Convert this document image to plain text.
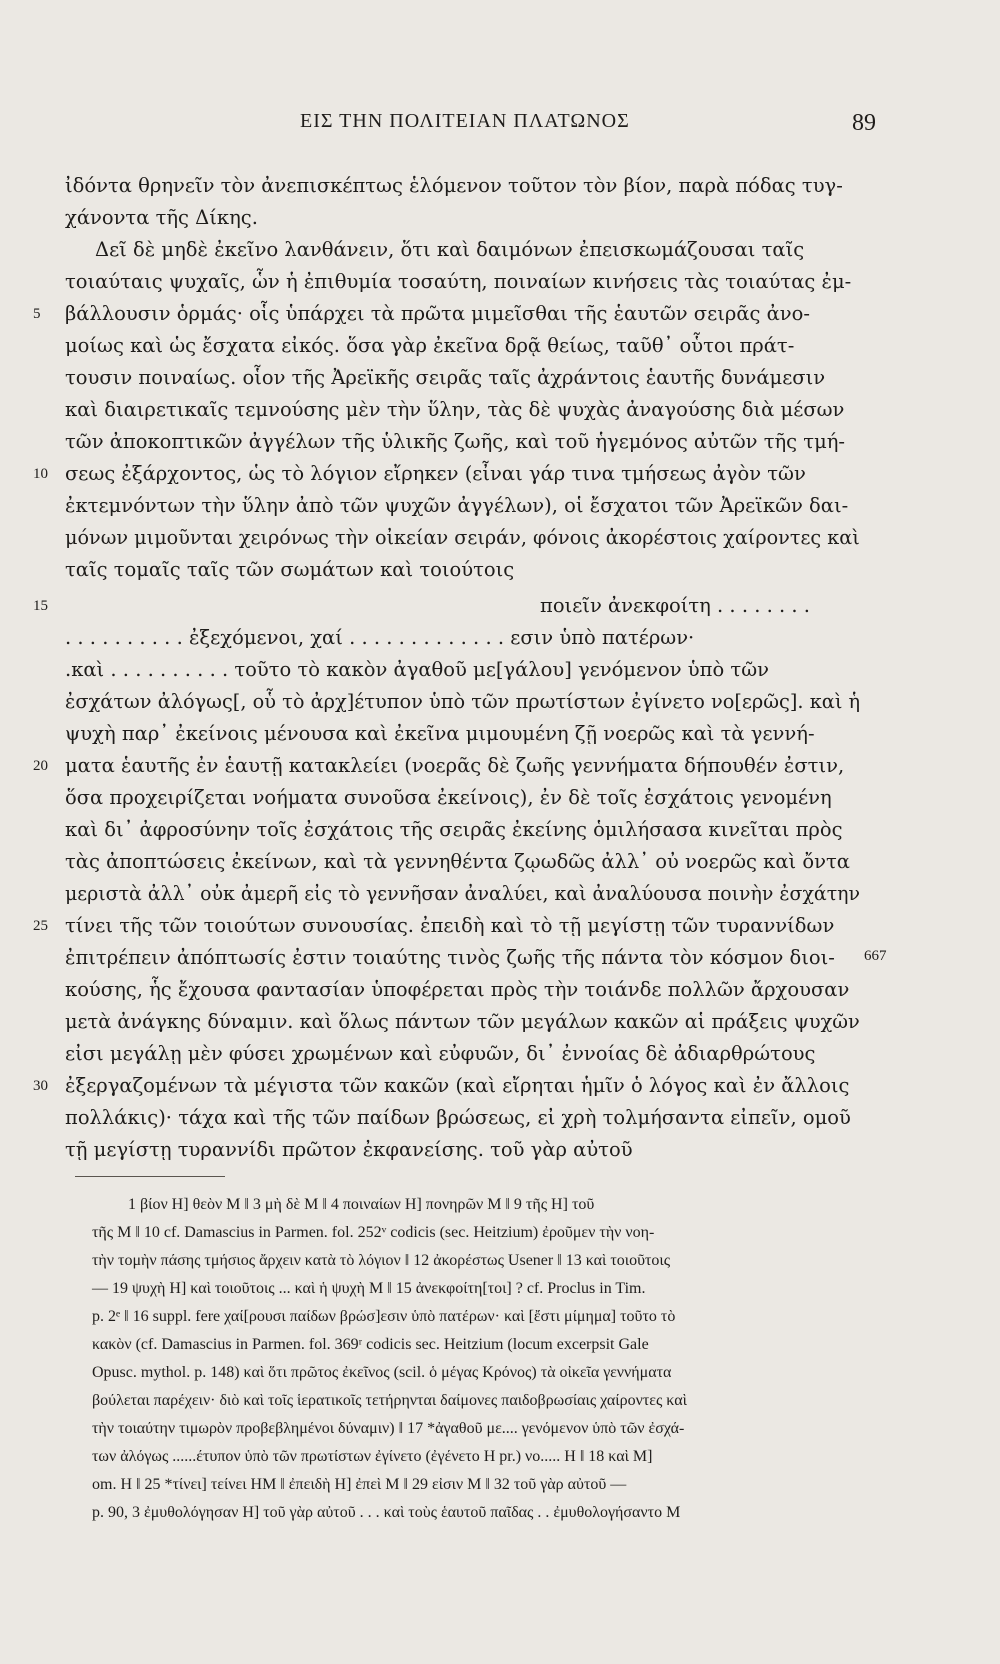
ΕΙΣ ΤΗΝ ΠΟΛΙΤΕΙΑΝ ΠΛΑΤΩΝΟΣ	89
ἰδόντα θρηνεῖν τὸν ἀνεπισκέπτως ἑλόμενον τοῦτον τὸν βίον, παρὰ πόδας τυγ-
χάνοντα τῆς Δίκης.
Δεῖ δὲ μηδὲ ἐκεῖνο λανθάνειν, ὅτι καὶ δαιμόνων ἐπεισκωμάζουσαι ταῖς
τοιαύταις ψυχαῖς, ὧν ἡ ἐπιθυμία τοσαύτη, ποιναίων κινήσεις τὰς τοιαύτας ἐμ-
βάλλουσιν ὁρμάς· οἷς ὑπάρχει τὰ πρῶτα μιμεῖσθαι τῆς ἑαυτῶν σειρᾶς ἀνο-
μοίως καὶ ὡς ἔσχατα εἰκός. ὅσα γὰρ ἐκεῖνα δρᾷ θείως, ταῦθ᾽ οὗτοι πράτ-
τουσιν ποιναίως. οἷον τῆς Ἀρεϊκῆς σειρᾶς ταῖς ἀχράντοις ἑαυτῆς δυνάμεσιν
καὶ διαιρετικαῖς τεμνούσης μὲν τὴν ὕλην, τὰς δὲ ψυχὰς ἀναγούσης διὰ μέσων
τῶν ἀποκοπτικῶν ἀγγέλων τῆς ὑλικῆς ζωῆς, καὶ τοῦ ἡγεμόνος αὐτῶν τῆς τμή-
σεως ἐξάρχοντος, ὡς τὸ λόγιον εἴρηκεν (εἶναι γάρ τινα τμήσεως ἀγὸν τῶν
ἐκτεμνόντων τὴν ὕλην ἀπὸ τῶν ψυχῶν ἀγγέλων), οἱ ἔσχατοι τῶν Ἀρεϊκῶν δαι-
μόνων μιμοῦνται χειρόνως τὴν οἰκείαν σειράν, φόνοις ἀκορέστοις χαίροντες καὶ
ταῖς τομαῖς ταῖς τῶν σωμάτων καὶ τοιούτοις
ποιεῖν ἀνεκφοίτη . . . . . . . .
. . . . . . . . . . ἐξεχόμενοι, χαί . . . . . . . . . . . . . εσιν ὑπὸ πατέρων·
.καὶ . . . . . . . . . . τοῦτο τὸ κακὸν ἀγαθοῦ με[γάλου] γενόμενον ὑπὸ τῶν
ἐσχάτων ἀλόγως[, οὗ τὸ ἀρχ]έτυπον ὑπὸ τῶν πρωτίστων ἐγίνετο νο[ερῶς]. καὶ ἡ
ψυχὴ παρ᾽ ἐκείνοις μένουσα καὶ ἐκεῖνα μιμουμένη ζῇ νοερῶς καὶ τὰ γεννή-
ματα ἑαυτῆς ἐν ἑαυτῇ κατακλείει (νοερᾶς δὲ ζωῆς γεννήματα δήπουθέν ἐστιν,
ὅσα προχειρίζεται νοήματα συνοῦσα ἐκείνοις), ἐν δὲ τοῖς ἐσχάτοις γενομένη
καὶ δι᾽ ἀφροσύνην τοῖς ἐσχάτοις τῆς σειρᾶς ἐκείνης ὁμιλήσασα κινεῖται πρὸς
τὰς ἀποπτώσεις ἐκείνων, καὶ τὰ γεννηθέντα ζῳωδῶς ἀλλ᾽ οὐ νοερῶς καὶ ὄντα
μεριστὰ ἀλλ᾽ οὐκ ἀμερῆ εἰς τὸ γεννῆσαν ἀναλύει, καὶ ἀναλύουσα ποινὴν ἐσχάτην
τίνει τῆς τῶν τοιούτων συνουσίας. ἐπειδὴ καὶ τὸ τῇ μεγίστῃ τῶν τυραννίδων
ἐπιτρέπειν ἀπόπτωσίς ἐστιν τοιαύτης τινὸς ζωῆς τῆς πάντα τὸν κόσμον διοι-
κούσης, ἧς ἔχουσα φαντασίαν ὑποφέρεται πρὸς τὴν τοιάνδε πολλῶν ἄρχουσαν
μετὰ ἀνάγκης δύναμιν. καὶ ὅλως πάντων τῶν μεγάλων κακῶν αἱ πράξεις ψυχῶν
εἰσι μεγάλῃ μὲν φύσει χρωμένων καὶ εὐφυῶν, δι᾽ ἐννοίας δὲ ἀδιαρθρώτους
ἐξεργαζομένων τὰ μέγιστα τῶν κακῶν (καὶ εἴρηται ἡμῖν ὁ λόγος καὶ ἐν ἄλλοις
πολλάκις)· τάχα καὶ τῆς τῶν παίδων βρώσεως, εἰ χρὴ τολμήσαντα εἰπεῖν, ομοῦ
τῇ μεγίστῃ τυραννίδι πρῶτον ἐκφανείσης. τοῦ γὰρ αὐτοῦ
5
10
15
20
25
30
667
1 βίον H] θεὸν M ‖ 3 μὴ δὲ M ‖ 4 ποιναίων H] πονηρῶν M ‖ 9 τῆς H] τοῦ
τῆς M ‖ 10 cf. Damascius in Parmen. fol. 252ᵛ codicis (sec. Heitzium) ἐροῦμεν τὴν νοη-
τὴν τομὴν πάσης τμήσιος ἄρχειν κατὰ τὸ λόγιον ‖ 12 ἀκορέστως Usener ‖ 13 καὶ τοιοῦτοις
— 19 ψυχὴ H] καὶ τοιοῦτοις ... καὶ ἡ ψυχὴ M ‖ 15 ἀνεκφοίτη[τοι] ? cf. Proclus in Tim.
p. 2ᵉ ‖ 16 suppl. fere χαί[ρουσι παίδων βρώσ]εσιν ὑπὸ πατέρων· καὶ [ἔστι μίμημα] τοῦτο τὸ
κακὸν (cf. Damascius in Parmen. fol. 369ʳ codicis sec. Heitzium (locum excerpsit Gale
Opusc. mythol. p. 148) καὶ ὅτι πρῶτος ἐκεῖνος (scil. ὁ μέγας Κρόνος) τὰ οἰκεῖα γεννήματα
βούλεται παρέχειν· διὸ καὶ τοῖς ἱερατικοῖς τετήρηνται δαίμονες παιδοβρωσίαις χαίροντες καὶ
τὴν τοιαύτην τιμωρὸν προβεβλημένοι δύναμιν) ‖ 17 *ἀγαθοῦ με.... γενόμενον ὑπὸ τῶν ἐσχά-
των ἀλόγως ......έτυπον ὑπὸ τῶν πρωτίστων ἐγίνετο (ἐγένετο H pr.) νο..... H ‖ 18 καὶ M]
om. H ‖ 25 *τίνει] τείνει HM ‖ ἐπειδὴ H] ἐπεὶ M ‖ 29 εἰσιν M ‖ 32 τοῦ γὰρ αὐτοῦ —
p. 90, 3 ἐμυθολόγησαν H] τοῦ γὰρ αὐτοῦ . . . καὶ τοὺς ἑαυτοῦ παῖδας . . ἐμυθολογήσαντο M
